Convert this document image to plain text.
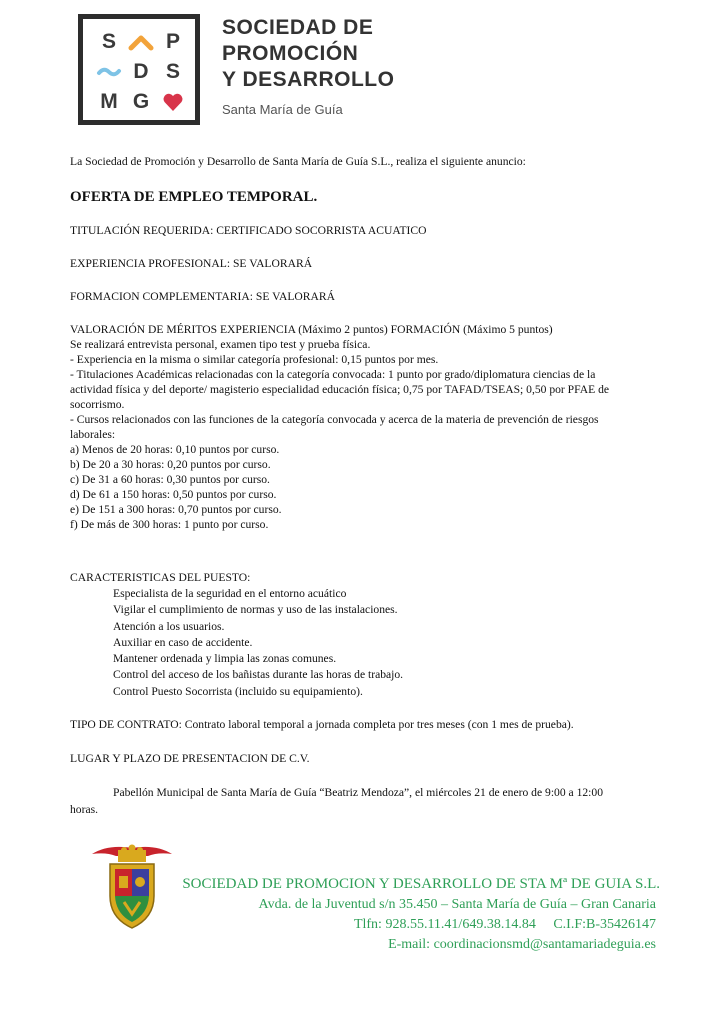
S	P
D S
M G
SOCIEDAD DE
PROMOCIÓN
Y DESARROLLO
Santa María de Guía
La Sociedad de Promoción y Desarrollo de Santa María de Guía S.L., realiza el siguiente anuncio:
OFERTA DE EMPLEO TEMPORAL.
TITULACIÓN REQUERIDA: CERTIFICADO SOCORRISTA ACUATICO
EXPERIENCIA PROFESIONAL: SE VALORARÁ
FORMACION COMPLEMENTARIA: SE VALORARÁ
VALORACIÓN DE MÉRITOS EXPERIENCIA (Máximo 2 puntos) FORMACIÓN (Máximo 5 puntos)
Se realizará entrevista personal, examen tipo test y prueba física.
- Experiencia en la misma o similar categoría profesional: 0,15 puntos por mes.
- Titulaciones Académicas relacionadas con la categoría convocada: 1 punto por grado/diplomatura ciencias de la
actividad física y del deporte/ magisterio especialidad educación física; 0,75 por TAFAD/TSEAS; 0,50 por PFAE de
socorrismo.
- Cursos relacionados con las funciones de la categoría convocada y acerca de la materia de prevención de riesgos
laborales:
a) Menos de 20 horas: 0,10 puntos por curso.
b) De 20 a 30 horas: 0,20 puntos por curso.
c) De 31 a 60 horas: 0,30 puntos por curso.
d) De 61 a 150 horas: 0,50 puntos por curso.
e) De 151 a 300 horas: 0,70 puntos por curso.
f) De más de 300 horas: 1 punto por curso.
CARACTERISTICAS DEL PUESTO:
Especialista de la seguridad en el entorno acuático
Vigilar el cumplimiento de normas y uso de las instalaciones.
Atención a los usuarios.
Auxiliar en caso de accidente.
Mantener ordenada y limpia las zonas comunes.
Control del acceso de los bañistas durante las horas de trabajo.
Control Puesto Socorrista (incluido su equipamiento).
TIPO DE CONTRATO: Contrato laboral temporal a jornada completa por tres meses (con 1 mes de prueba).
LUGAR Y PLAZO DE PRESENTACION DE C.V.
Pabellón Municipal de Santa María de Guía “Beatriz Mendoza”, el miércoles 21 de enero de 9:00 a 12:00
horas.
SOCIEDAD DE PROMOCION Y DESARROLLO DE STA Mª DE GUIA S.L.
Avda. de la Juventud s/n 35.450 – Santa María de Guía – Gran Canaria
Tlfn: 928.55.11.41/649.38.14.84     C.I.F:B-35426147
E-mail: coordinacionsmd@santamariadeguia.es
